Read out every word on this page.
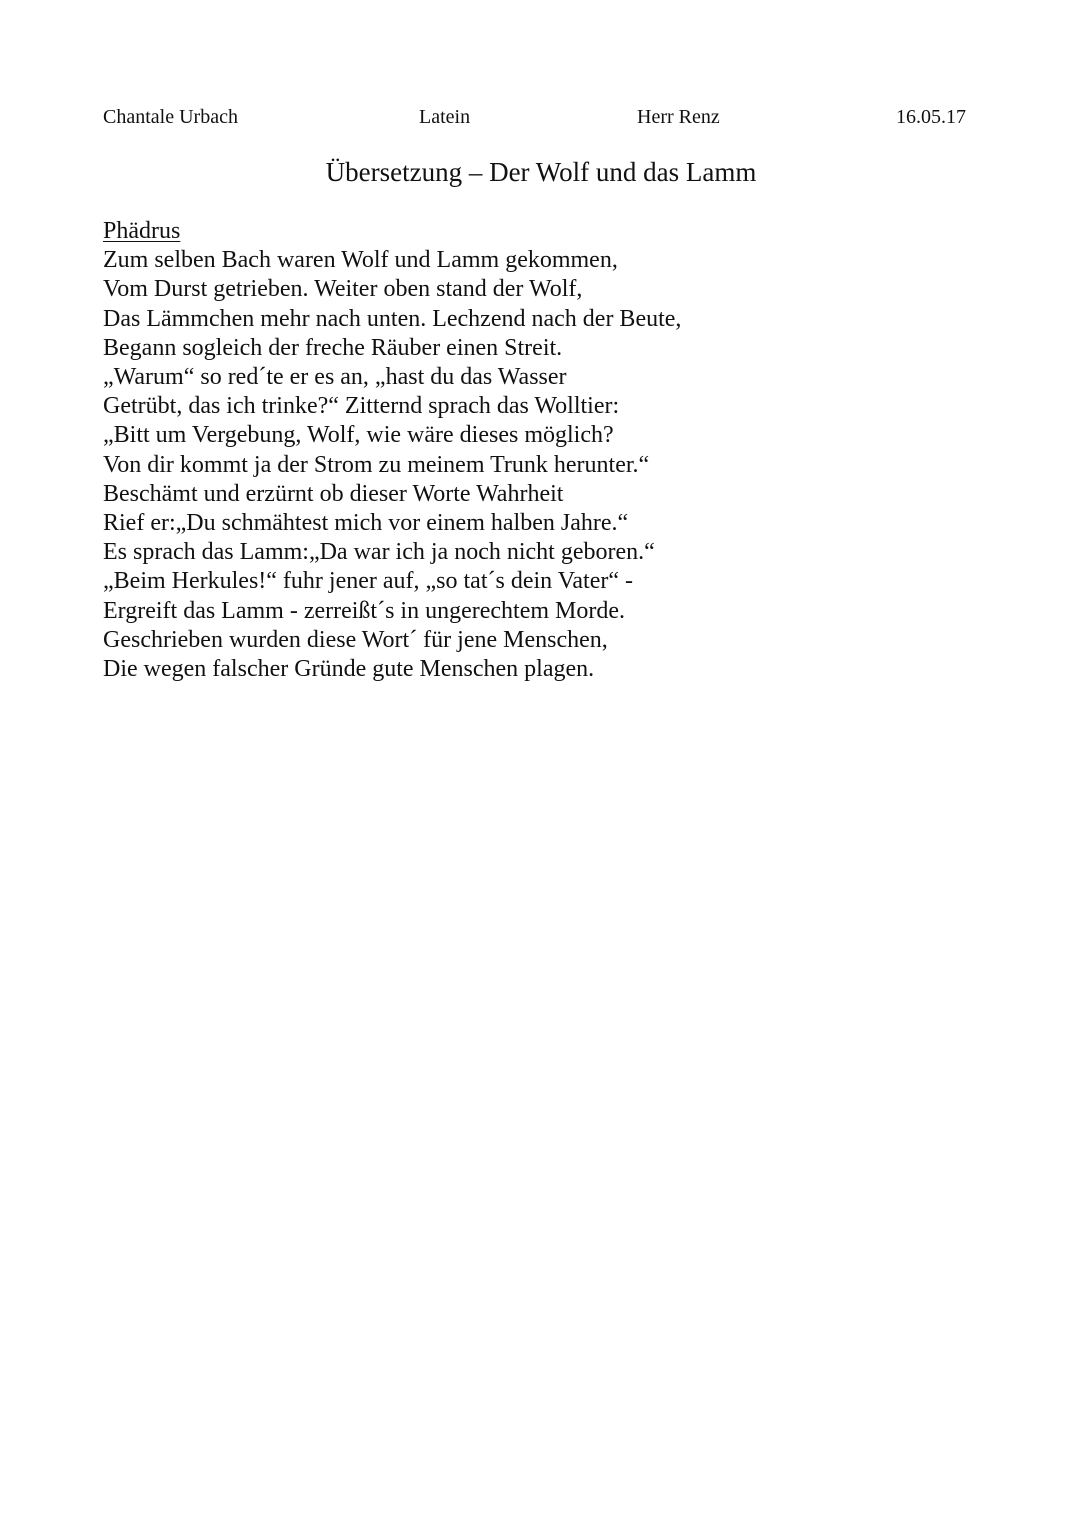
Chantale Urbach	Latein	Herr Renz	16.05.17
Übersetzung – Der Wolf und das Lamm
Phädrus
Zum selben Bach waren Wolf und Lamm gekommen,
Vom Durst getrieben. Weiter oben stand der Wolf,
Das Lämmchen mehr nach unten. Lechzend nach der Beute,
Begann sogleich der freche Räuber einen Streit.
„Warum“ so red´te er es an, „hast du das Wasser
Getrübt, das ich trinke?“ Zitternd sprach das Wolltier:
„Bitt um Vergebung, Wolf, wie wäre dieses möglich?
Von dir kommt ja der Strom zu meinem Trunk herunter.“
Beschämt und erzürnt ob dieser Worte Wahrheit
Rief er:„Du schmähtest mich vor einem halben Jahre.“
Es sprach das Lamm:„Da war ich ja noch nicht geboren.“
„Beim Herkules!“ fuhr jener auf, „so tat´s dein Vater“ -
Ergreift das Lamm - zerreißt´s in ungerechtem Morde.
Geschrieben wurden diese Wort´ für jene Menschen,
Die wegen falscher Gründe gute Menschen plagen.
